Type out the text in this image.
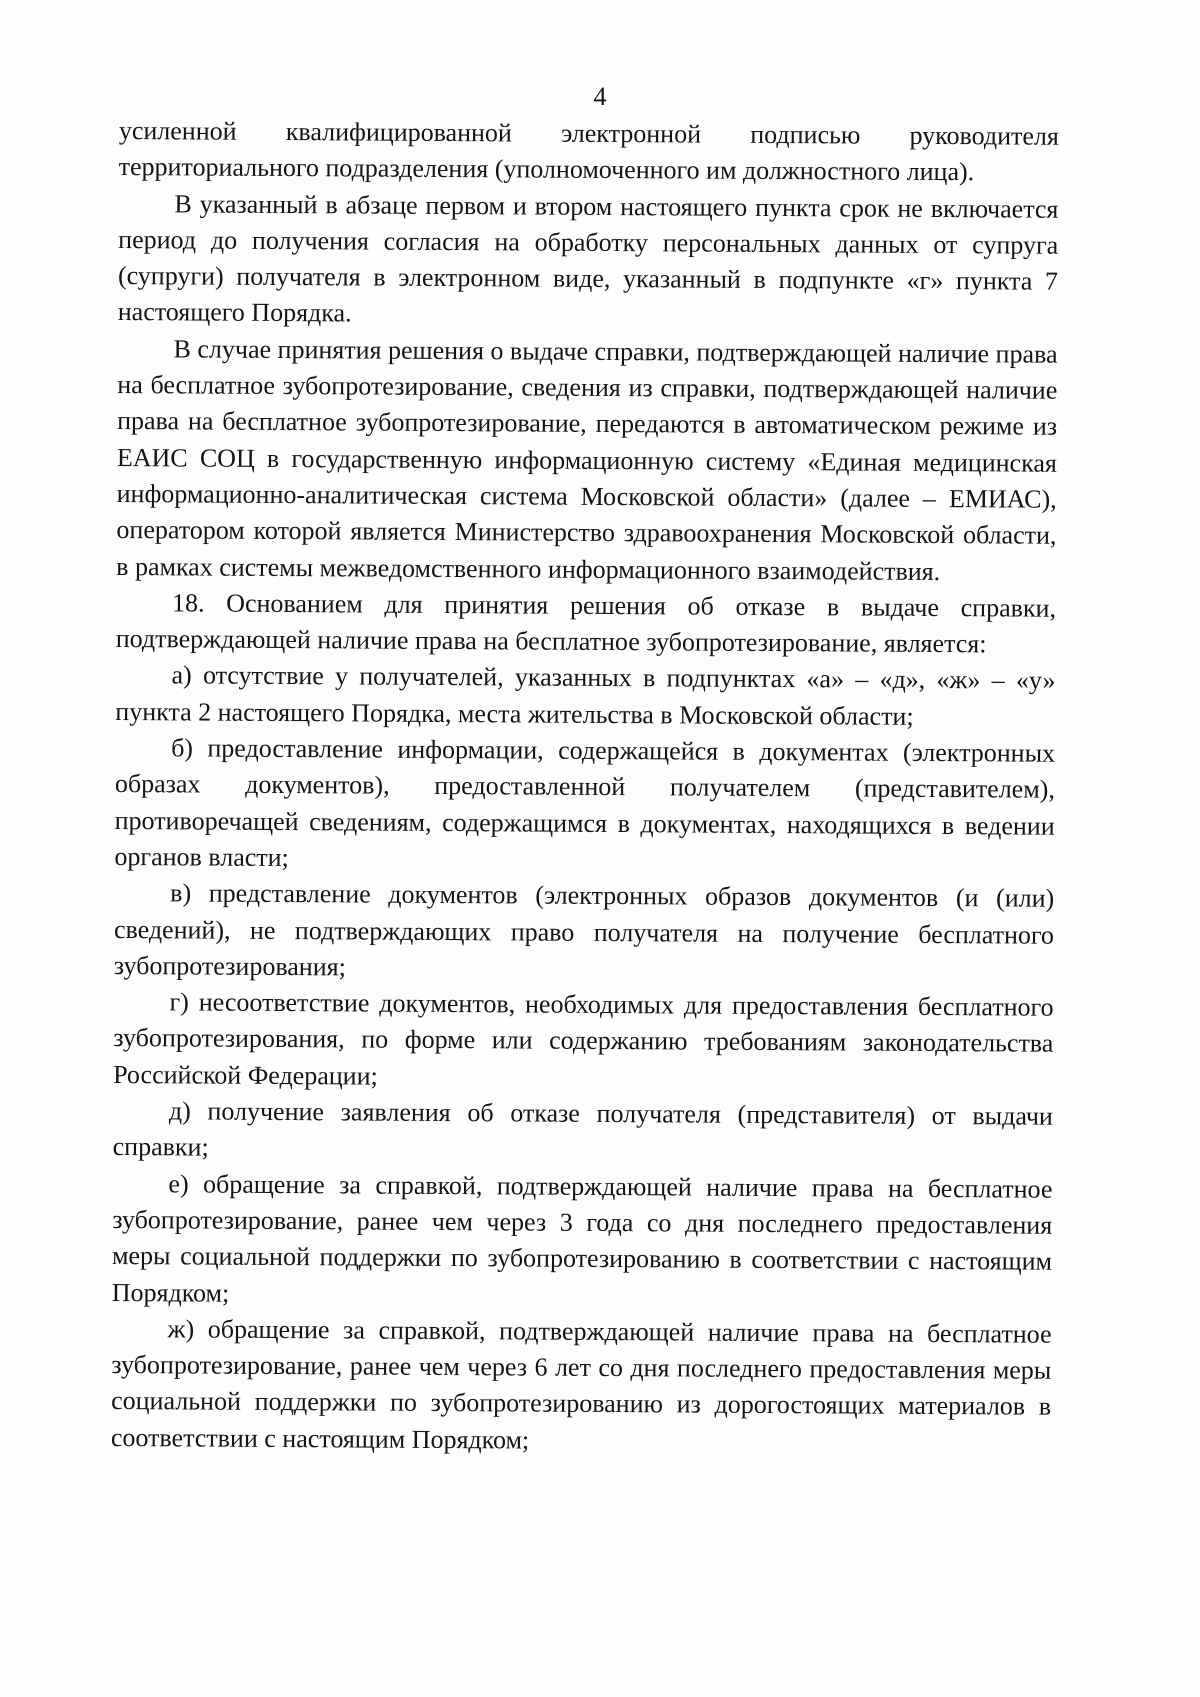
4

усиленной квалифицированной электронной подписью руководителя территориального подразделения (уполномоченного им должностного лица).

В указанный в абзаце первом и втором настоящего пункта срок не включается период до получения согласия на обработку персональных данных от супруга (супруги) получателя в электронном виде, указанный в подпункте «г» пункта 7 настоящего Порядка.

В случае принятия решения о выдаче справки, подтверждающей наличие права на бесплатное зубопротезирование, сведения из справки, подтверждающей наличие права на бесплатное зубопротезирование, передаются в автоматическом режиме из ЕАИС СОЦ в государственную информационную систему «Единая медицинская информационно-аналитическая система Московской области» (далее – ЕМИАС), оператором которой является Министерство здравоохранения Московской области, в рамках системы межведомственного информационного взаимодействия.

18. Основанием для принятия решения об отказе в выдаче справки, подтверждающей наличие права на бесплатное зубопротезирование, является:

а) отсутствие у получателей, указанных в подпунктах «а» – «д», «ж» – «у» пункта 2 настоящего Порядка, места жительства в Московской области;

б) предоставление информации, содержащейся в документах (электронных образах документов), предоставленной получателем (представителем), противоречащей сведениям, содержащимся в документах, находящихся в ведении органов власти;

в) представление документов (электронных образов документов (и (или) сведений), не подтверждающих право получателя на получение бесплатного зубопротезирования;

г) несоответствие документов, необходимых для предоставления бесплатного зубопротезирования, по форме или содержанию требованиям законодательства Российской Федерации;

д) получение заявления об отказе получателя (представителя) от выдачи справки;

е) обращение за справкой, подтверждающей наличие права на бесплатное зубопротезирование, ранее чем через 3 года со дня последнего предоставления меры социальной поддержки по зубопротезированию в соответствии с настоящим Порядком;

ж) обращение за справкой, подтверждающей наличие права на бесплатное зубопротезирование, ранее чем через 6 лет со дня последнего предоставления меры социальной поддержки по зубопротезированию из дорогостоящих материалов в соответствии с настоящим Порядком;
